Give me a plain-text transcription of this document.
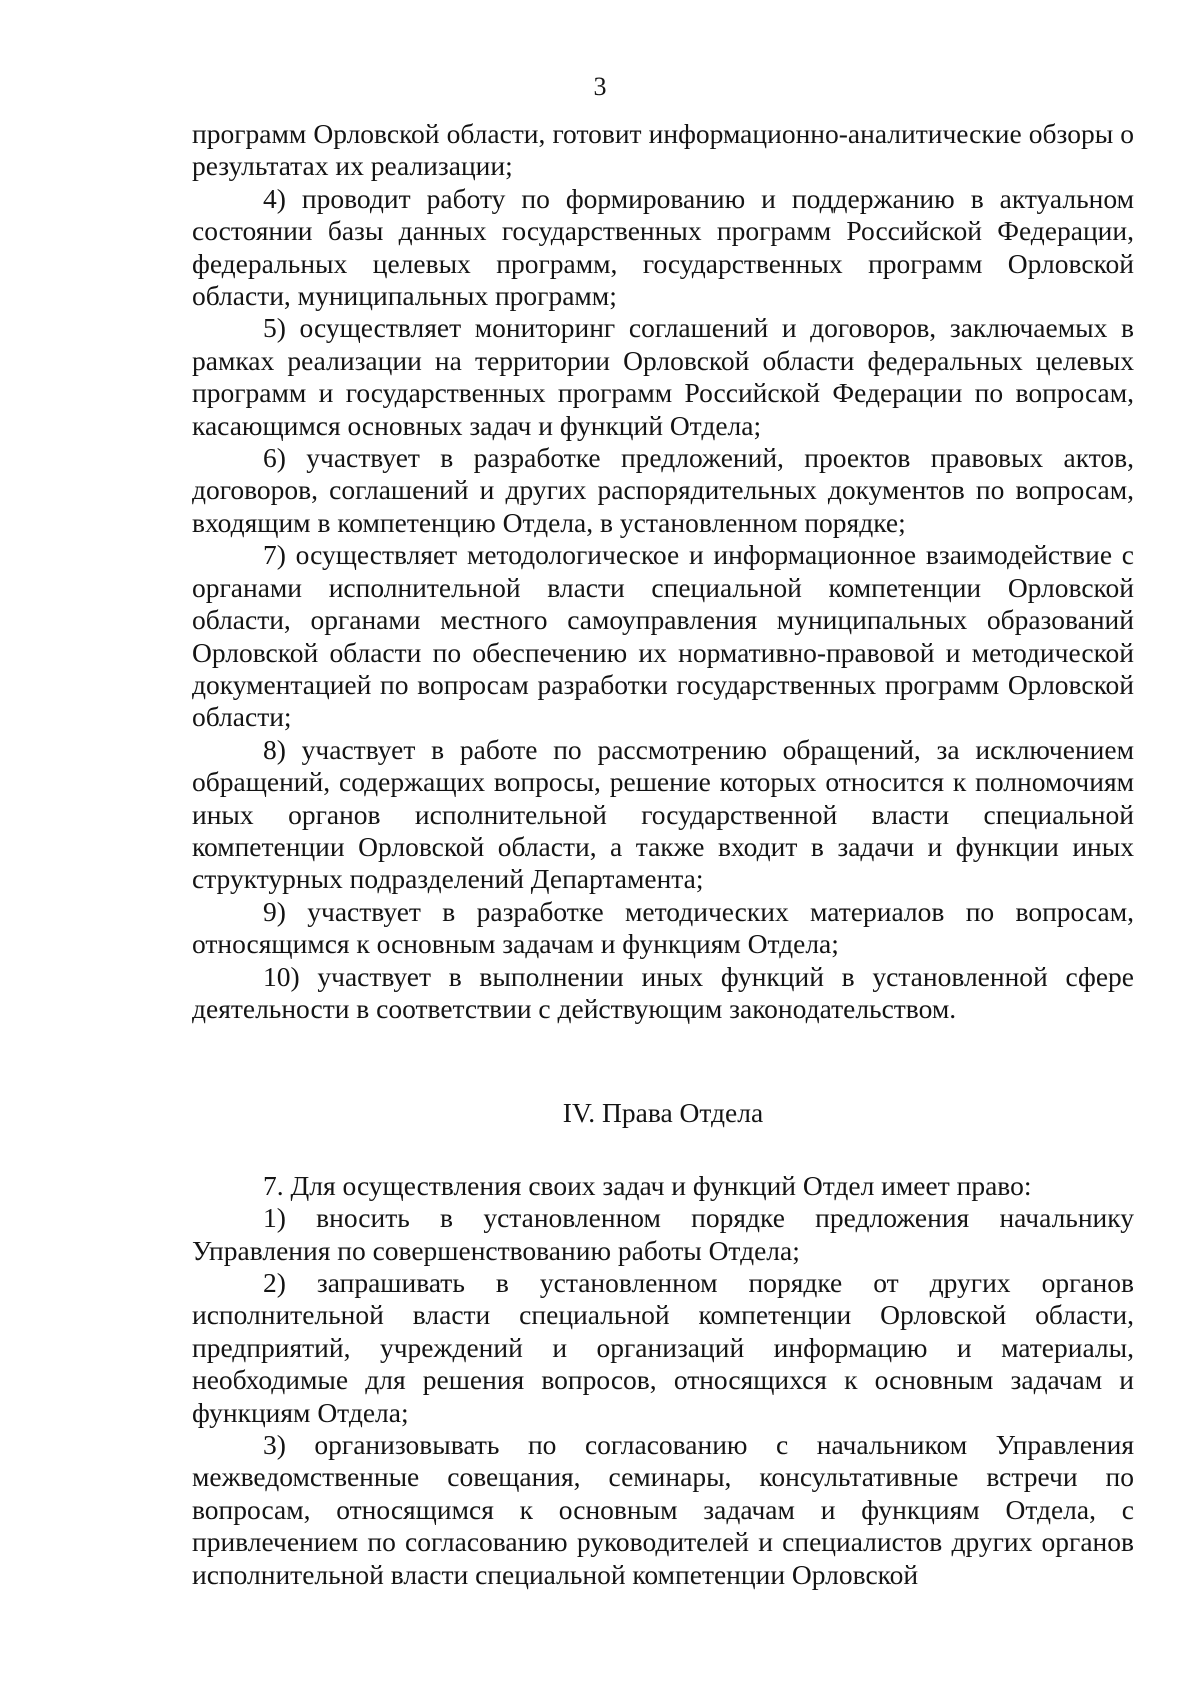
3

программ Орловской области, готовит информационно-аналитические обзоры о результатах их реализации;

4) проводит работу по формированию и поддержанию в актуальном состоянии базы данных государственных программ Российской Федерации, федеральных целевых программ, государственных программ Орловской области, муниципальных программ;

5) осуществляет мониторинг соглашений и договоров, заключаемых в рамках реализации на территории Орловской области федеральных целевых программ и государственных программ Российской Федерации по вопросам, касающимся основных задач и функций Отдела;

6) участвует в разработке предложений, проектов правовых актов, договоров, соглашений и других распорядительных документов по вопросам, входящим в компетенцию Отдела, в установленном порядке;

7) осуществляет методологическое и информационное взаимодействие с органами исполнительной власти специальной компетенции Орловской области, органами местного самоуправления муниципальных образований Орловской области по обеспечению их нормативно-правовой и методической документацией по вопросам разработки государственных программ Орловской области;

8) участвует в работе по рассмотрению обращений, за исключением обращений, содержащих вопросы, решение которых относится к полномочиям иных органов исполнительной государственной власти специальной компетенции Орловской области, а также входит в задачи и функции иных структурных подразделений Департамента;

9) участвует в разработке методических материалов по вопросам, относящимся к основным задачам и функциям Отдела;

10) участвует в выполнении иных функций в установленной сфере деятельности в соответствии с действующим законодательством.

IV. Права Отдела

7. Для осуществления своих задач и функций Отдел имеет право:

1) вносить в установленном порядке предложения начальнику Управления по совершенствованию работы Отдела;

2) запрашивать в установленном порядке от других органов исполнительной власти специальной компетенции Орловской области, предприятий, учреждений и организаций информацию и материалы, необходимые для решения вопросов, относящихся к основным задачам и функциям Отдела;

3) организовывать по согласованию с начальником Управления межведомственные совещания, семинары, консультативные встречи по вопросам, относящимся к основным задачам и функциям Отдела, с привлечением по согласованию руководителей и специалистов других органов исполнительной власти специальной компетенции Орловской
